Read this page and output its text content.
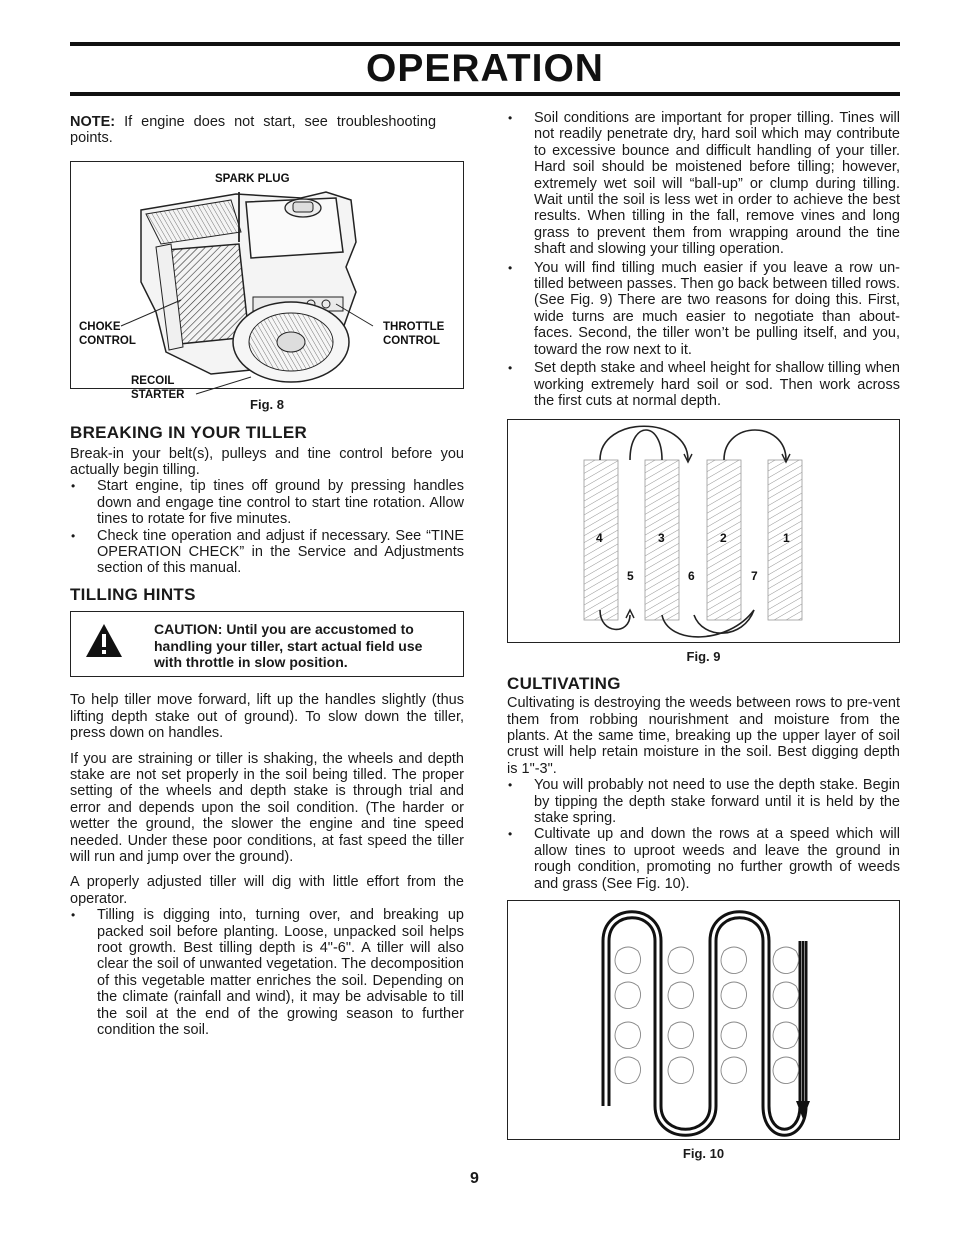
OPERATION

NOTE: If engine does not start, see troubleshooting points.

SPARK PLUG
CHOKE
CONTROL
THROTTLE
CONTROL
RECOIL
STARTER
Fig. 8
BREAKING IN YOUR TILLER

Break-in your belt(s), pulleys and tine control before you actually begin tilling.

• Start engine, tip tines off ground by pressing handles down and engage tine control to start tine rotation. Allow tines to rotate for five minutes.
• Check tine operation and adjust if necessary. See “TINE OPERATION CHECK” in the Service and Adjustments section of this manual.
TILLING HINTS
CAUTION: Until you are accustomed to handling your tiller, start actual field use with throttle in slow position.

To help tiller move forward, lift up the handles slightly (thus lifting depth stake out of ground). To slow down the tiller, press down on handles.

If you are straining or tiller is shaking, the wheels and depth stake are not set properly in the soil being tilled. The proper setting of the wheels and depth stake is through trial and error and depends upon the soil condition. (The harder or wetter the ground, the slower the engine and tine speed needed. Under these poor conditions, at fast speed the tiller will run and jump over the ground).

A properly adjusted tiller will dig with little effort from the operator.

• Tilling is digging into, turning over, and breaking up packed soil before planting. Loose, unpacked soil helps root growth. Best tilling depth is 4"-6". A tiller will also clear the soil of unwanted vegetation. The decomposition of this vegetable matter enriches the soil. Depending on the climate (rainfall and wind), it may be advisable to till the soil at the end of the growing season to further condition the soil.
• Soil conditions are important for proper tilling. Tines will not readily penetrate dry, hard soil which may contribute to excessive bounce and difficult handling of your tiller. Hard soil should be moistened before tilling; however, extremely wet soil will “ball-up” or clump during tilling. Wait until the soil is less wet in order to achieve the best results. When tilling in the fall, remove vines and long grass to prevent them from wrapping around the tine shaft and slowing your tilling operation.
• You will find tilling much easier if you leave a row un-tilled between passes. Then go back between tilled rows. (See Fig. 9) There are two reasons for doing this. First, wide turns are much easier to negotiate than about-faces. Second, the tiller won’t be pulling itself, and you, toward the row next to it.
• Set depth stake and wheel height for shallow tilling when working extremely hard soil or sod. Then work across the first cuts at normal depth.
4	3	2	1
5	6	7
Fig. 9
CULTIVATING

Cultivating is destroying the weeds between rows to pre-vent them from robbing nourishment and moisture from the plants. At the same time, breaking up the upper layer of soil crust will help retain moisture in the soil. Best digging depth is 1"-3".

• You will probably not need to use the depth stake. Begin by tipping the depth stake forward until it is held by the stake spring.
• Cultivate up and down the rows at a speed which will allow tines to uproot weeds and leave the ground in rough condition, promoting no further growth of weeds and grass (See Fig. 10).
Fig. 10
9
